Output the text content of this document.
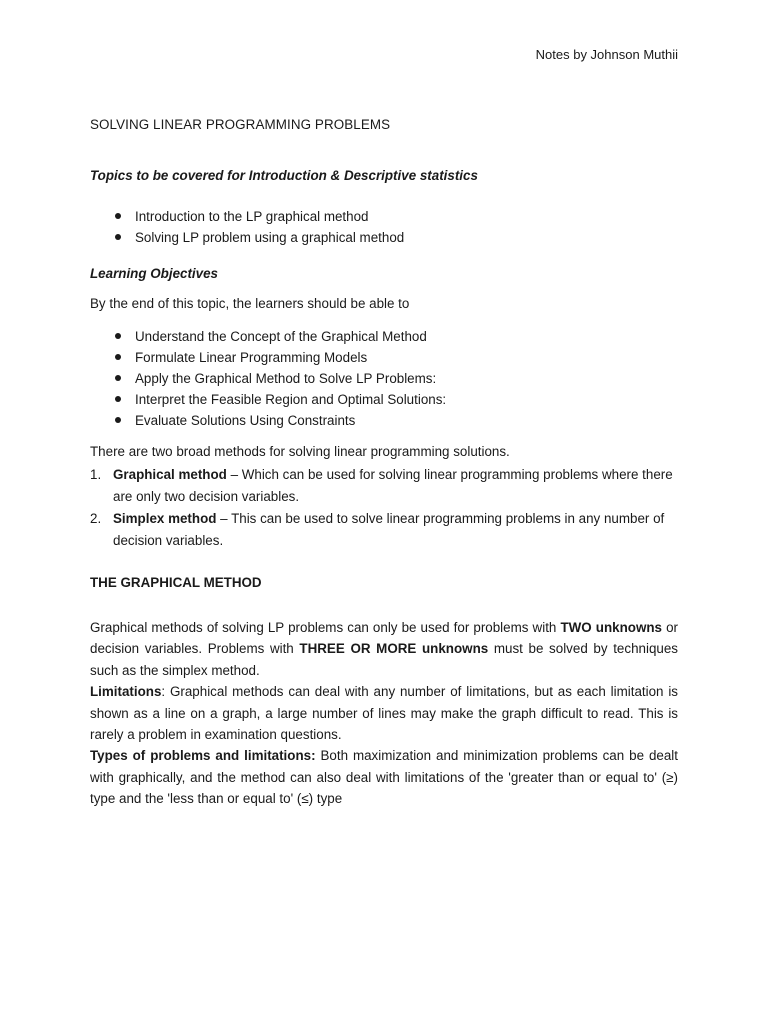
Notes by Johnson Muthii
SOLVING LINEAR PROGRAMMING PROBLEMS
Topics to be covered for Introduction & Descriptive statistics
Introduction to the LP graphical method
Solving LP problem using a graphical method
Learning Objectives
By the end of this topic, the learners should be able to
Understand the Concept of the Graphical Method
Formulate Linear Programming Models
Apply the Graphical Method to Solve LP Problems:
Interpret the Feasible Region and Optimal Solutions:
Evaluate Solutions Using Constraints
There are two broad methods for solving linear programming solutions.
1. Graphical method – Which can be used for solving linear programming problems where there are only two decision variables.
2. Simplex method – This can be used to solve linear programming problems in any number of decision variables.
THE GRAPHICAL METHOD

Graphical methods of solving LP problems can only be used for problems with TWO unknowns or decision variables. Problems with THREE OR MORE unknowns must be solved by techniques such as the simplex method.

Limitations: Graphical methods can deal with any number of limitations, but as each limitation is shown as a line on a graph, a large number of lines may make the graph difficult to read. This is rarely a problem in examination questions.

Types of problems and limitations: Both maximization and minimization problems can be dealt with graphically, and the method can also deal with limitations of the 'greater than or equal to' (≥) type and the 'less than or equal to' (≤) type
